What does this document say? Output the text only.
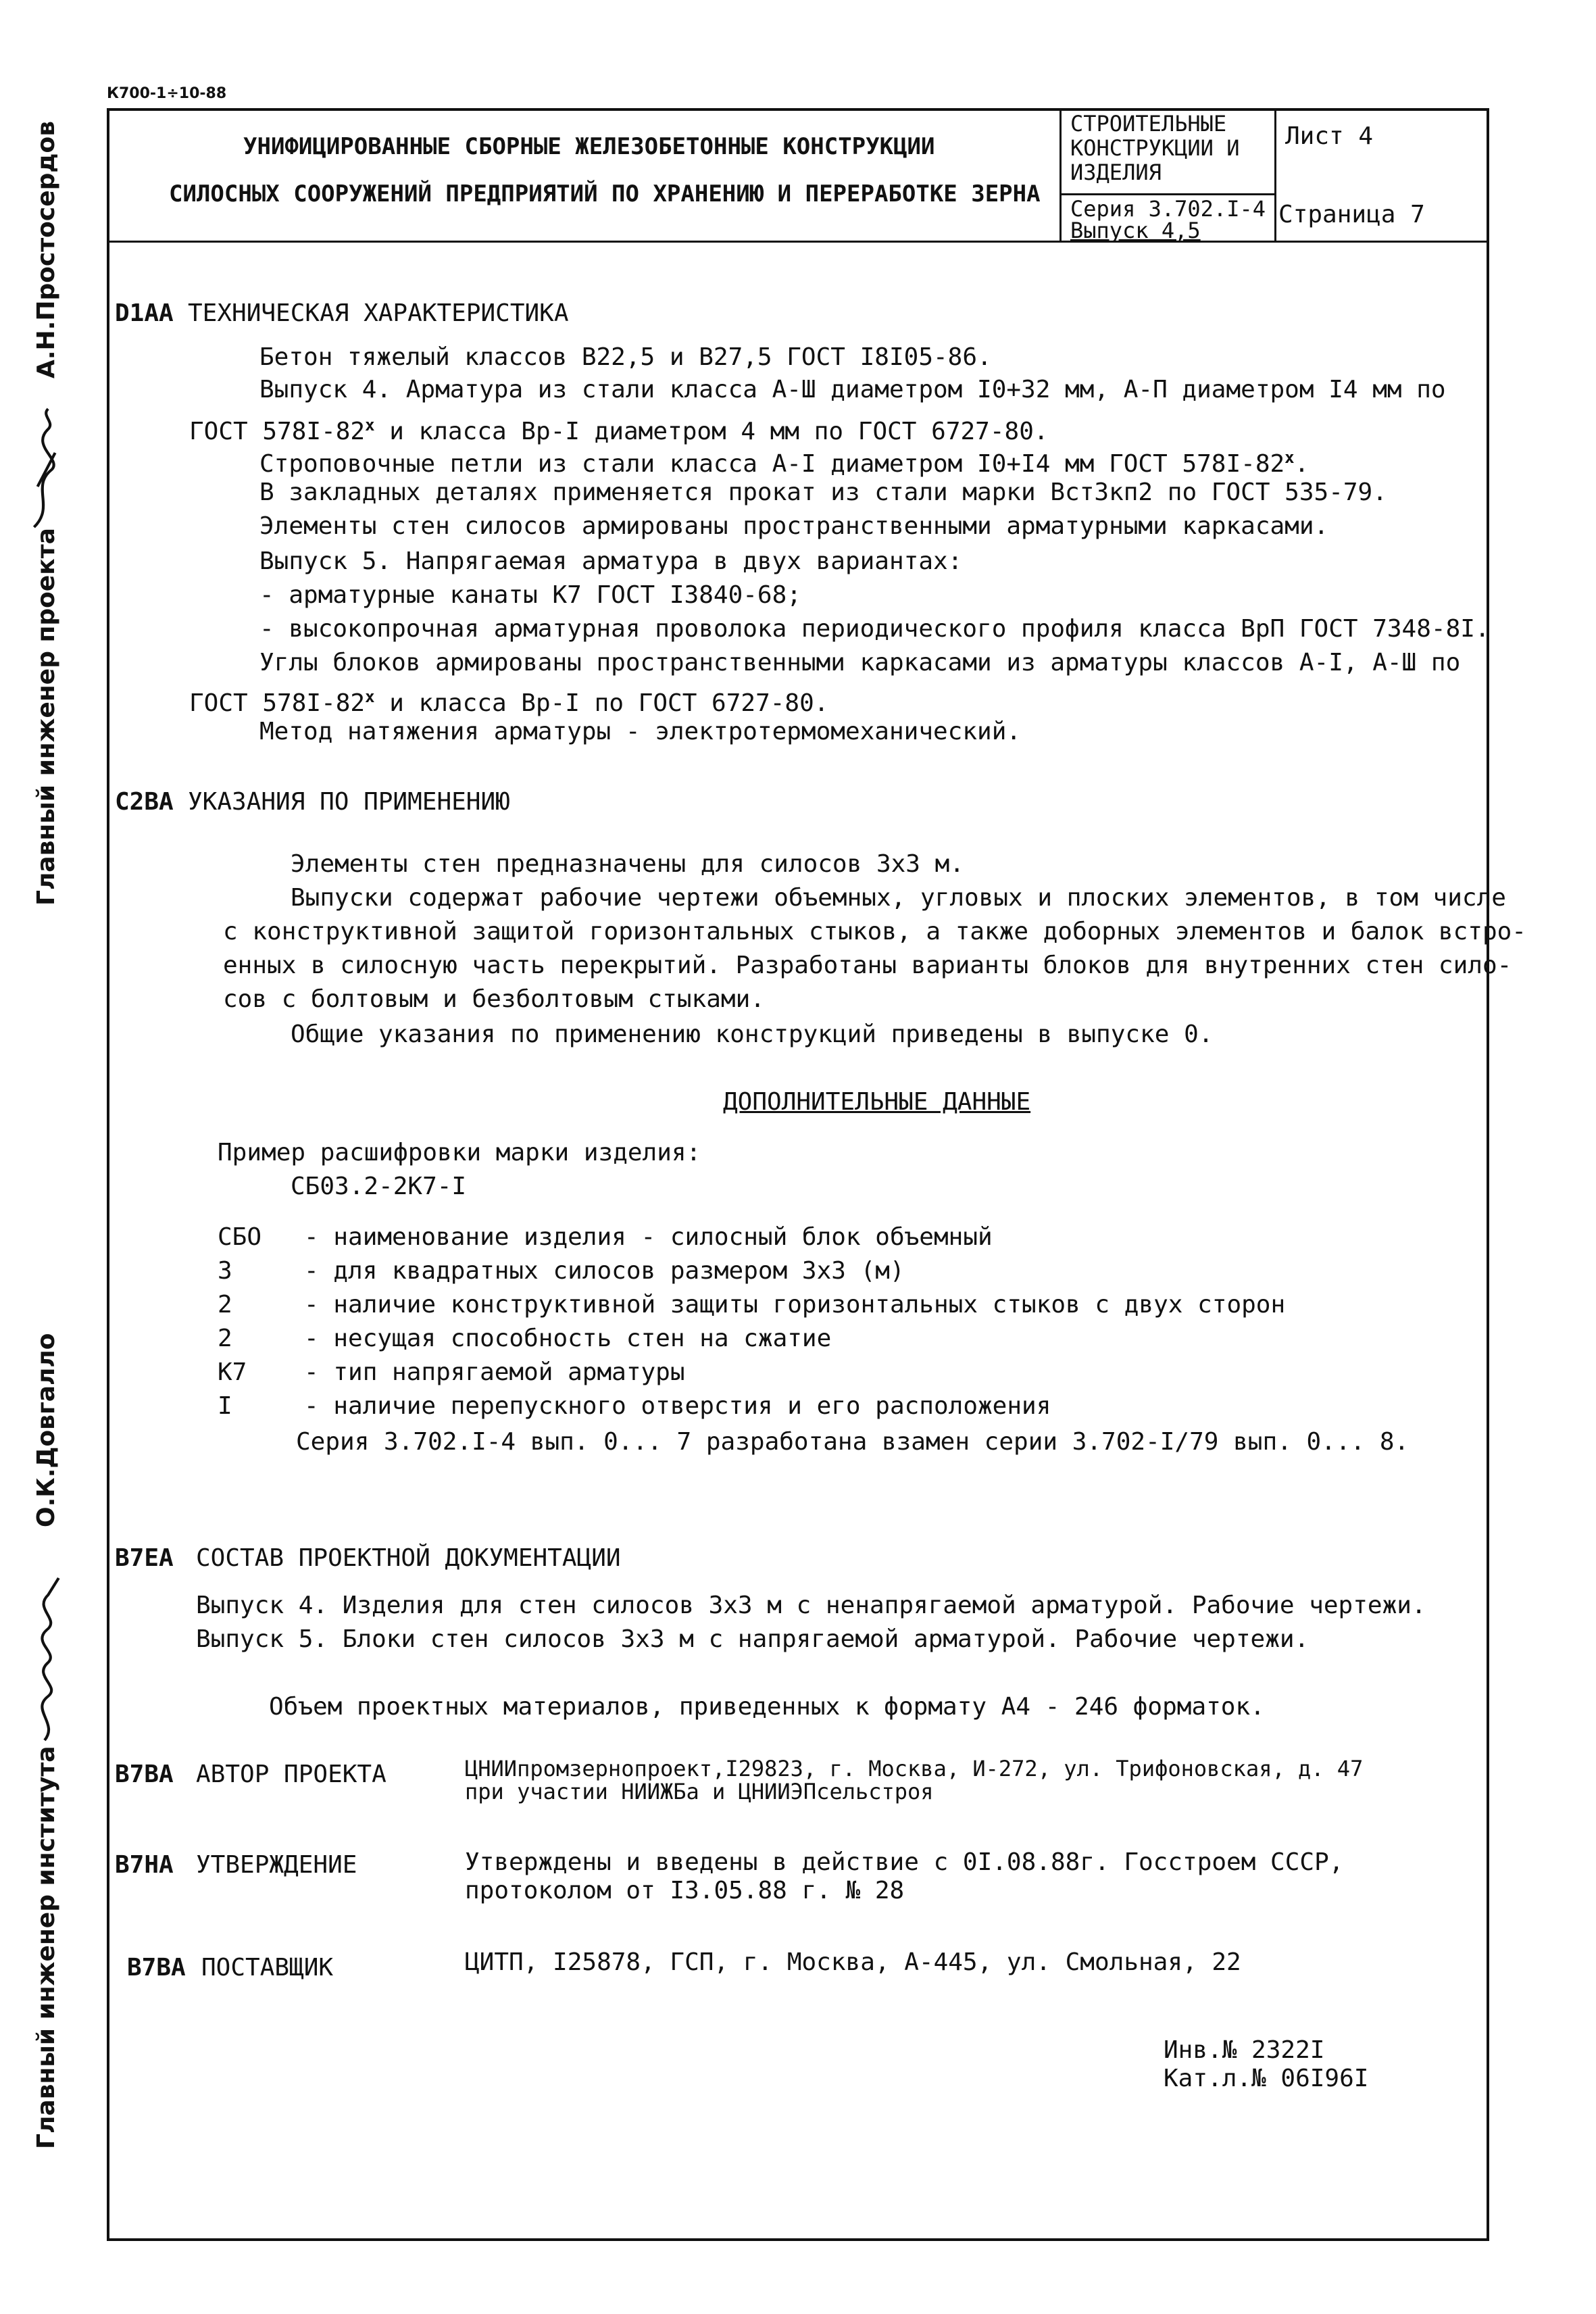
К700-1÷10-88
УНИФИЦИРОВАННЫЕ СБОРНЫЕ ЖЕЛЕЗОБЕТОННЫЕ КОНСТРУКЦИИ
СИЛОСНЫХ СООРУЖЕНИЙ ПРЕДПРИЯТИЙ ПО ХРАНЕНИЮ И ПЕРЕРАБОТКЕ ЗЕРНА
СТРОИТЕЛЬНЫЕ
КОНСТРУКЦИИ И
ИЗДЕЛИЯ
Серия 3.702.I-4
Выпуск 4,5
Лист 4
Страница 7
Главный инженер проекта
А.Н.Простосердов
Главный инженер института
О.К.Довгалло
D1AA ТЕХНИЧЕСКАЯ ХАРАКТЕРИСТИКА
Бетон тяжелый классов В22,5 и В27,5 ГОСТ I8I05-86.
Выпуск 4. Арматура из стали класса А-Ш диаметром I0+32 мм, А-П диаметром I4 мм по
ГОСТ 578I-82$^x$ и класса Вр-I диаметром 4 мм по ГОСТ 6727-80.
Строповочные петли из стали класса А-I диаметром I0+I4 мм ГОСТ 578I-82$^x$.
В закладных деталях применяется прокат из стали марки ВстЗкп2 по ГОСТ 535-79.
Элементы стен силосов армированы пространственными арматурными каркасами.
Выпуск 5. Напрягаемая арматура в двух вариантах:
- арматурные канаты К7 ГОСТ I3840-68;
- высокопрочная арматурная проволока периодического профиля класса ВрП ГОСТ 7348-8I.
Углы блоков армированы пространственными каркасами из арматуры классов А-I, А-Ш по
ГОСТ 578I-82$^x$ и класса Вр-I по ГОСТ 6727-80.
Метод натяжения арматуры - электротермомеханический.
C2BA УКАЗАНИЯ ПО ПРИМЕНЕНИЮ
Элементы стен предназначены для силосов 3х3 м.
Выпуски содержат рабочие чертежи объемных, угловых и плоских элементов, в том числе
с конструктивной защитой горизонтальных стыков, а также доборных элементов и балок встро-
енных в силосную часть перекрытий. Разработаны варианты блоков для внутренних стен сило-
сов с болтовым и безболтовым стыками.
Общие указания по применению конструкций приведены в выпуске 0.
ДОПОЛНИТЕЛЬНЫЕ ДАННЫЕ
Пример расшифровки марки изделия:
СБ03.2-2К7-I
СБО - наименование изделия - силосный блок объемный
3	- для квадратных силосов размером 3х3 (м)
2	- наличие конструктивной защиты горизонтальных стыков с двух сторон
2	- несущая способность стен на сжатие
К7 - тип напрягаемой арматуры
I	- наличие перепускного отверстия и его расположения
Серия 3.702.I-4 вып. 0... 7 разработана взамен серии 3.702-I/79 вып. 0... 8.
B7EA СОСТАВ ПРОЕКТНОЙ ДОКУМЕНТАЦИИ
Выпуск 4. Изделия для стен силосов 3х3 м с ненапрягаемой арматурой. Рабочие чертежи.
Выпуск 5. Блоки стен силосов 3х3 м с напрягаемой арматурой. Рабочие чертежи.
Объем проектных материалов, приведенных к формату А4 - 246 форматок.
B7BA АВТОР ПРОЕКТА	ЦНИИпромзернопроект,I29823, г. Москва, И-272, ул. Трифоновская, д. 47
при участии НИИЖБа и ЦНИИЭПсельстроя
B7HA УТВЕРЖДЕНИЕ	Утверждены и введены в действие с 0I.08.88г. Госстроем СССР,
протоколом от I3.05.88 г. № 28
B7BA ПОСТАВЩИК	ЦИТП, I25878, ГСП, г. Москва, А-445, ул. Смольная, 22
Инв.№ 2322I
Кат.л.№ 06I96I
